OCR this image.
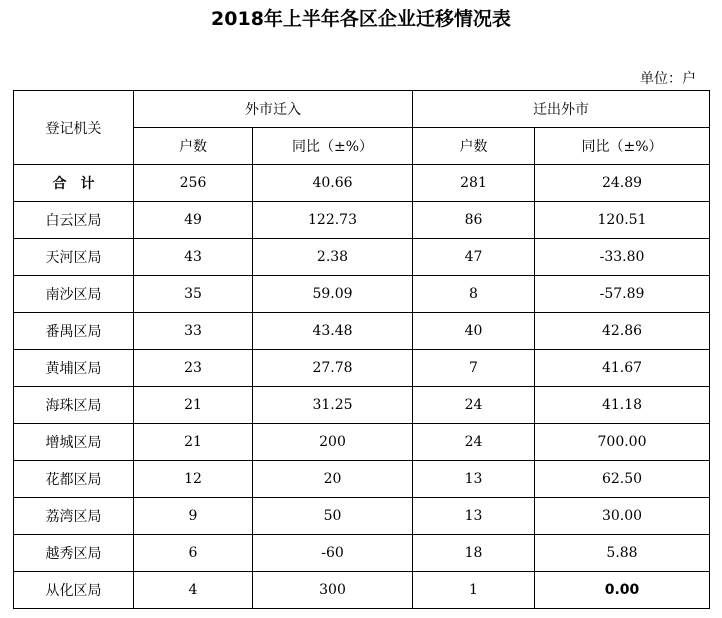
2018年上半年各区企业迁移情况表
单位：户
登记机关	外市迁入		迁出外市	
	户数	同比（±%）	户数	同比（±%）
合　计	256	40.66	281	24.89
白云区局	49	122.73	86	120.51
天河区局	43	2.38	47	-33.80
南沙区局	35	59.09	8	-57.89
番禺区局	33	43.48	40	42.86
黄埔区局	23	27.78	7	41.67
海珠区局	21	31.25	24	41.18
增城区局	21	200	24	700.00
花都区局	12	20	13	62.50
荔湾区局	9	50	13	30.00
越秀区局	6	-60	18	5.88
从化区局	4	300	1	0.00
